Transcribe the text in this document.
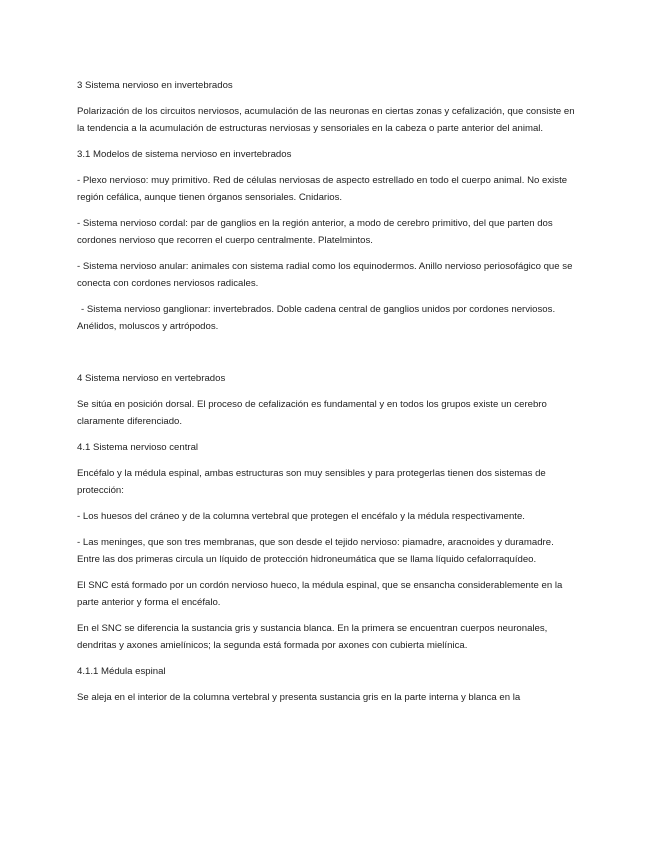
3 Sistema nervioso en invertebrados

Polarización de los circuitos nerviosos, acumulación de las neuronas en ciertas zonas y cefalización, que consiste en la tendencia a la acumulación de estructuras nerviosas y sensoriales en la cabeza o parte anterior del animal.

3.1 Modelos de sistema nervioso en invertebrados

- Plexo nervioso: muy primitivo. Red de células nerviosas de aspecto estrellado en todo el cuerpo animal. No existe región cefálica, aunque tienen órganos sensoriales. Cnidarios.

- Sistema nervioso cordal: par de ganglios en la región anterior, a modo de cerebro primitivo, del que parten dos cordones nervioso que recorren el cuerpo centralmente. Platelmintos.

- Sistema nervioso anular: animales con sistema radial como los equinodermos. Anillo nervioso periosofágico que se conecta con cordones nerviosos radicales.

- Sistema nervioso ganglionar: invertebrados. Doble cadena central de ganglios unidos por cordones nerviosos. Anélidos, moluscos y artrópodos.

4 Sistema nervioso en vertebrados

Se sitúa en posición dorsal. El proceso de cefalización es fundamental y en todos los grupos existe un cerebro claramente diferenciado.

4.1 Sistema nervioso central

Encéfalo y la médula espinal, ambas estructuras son muy sensibles y para protegerlas tienen dos sistemas de protección:

- Los huesos del cráneo y de la columna vertebral que protegen el encéfalo y la médula respectivamente.

- Las meninges, que son tres membranas, que son desde el tejido nervioso: piamadre, aracnoides y duramadre. Entre las dos primeras circula un líquido de protección hidroneumática que se llama líquido cefalorraquídeo.

El SNC está formado por un cordón nervioso hueco, la médula espinal, que se ensancha considerablemente en la parte anterior y forma el encéfalo.

En el SNC se diferencia la sustancia gris y sustancia blanca. En la primera se encuentran cuerpos neuronales, dendritas y axones amielínicos; la segunda está formada por axones con cubierta mielínica.

4.1.1 Médula espinal

Se aleja en el interior de la columna vertebral y presenta sustancia gris en la parte interna y blanca en la
